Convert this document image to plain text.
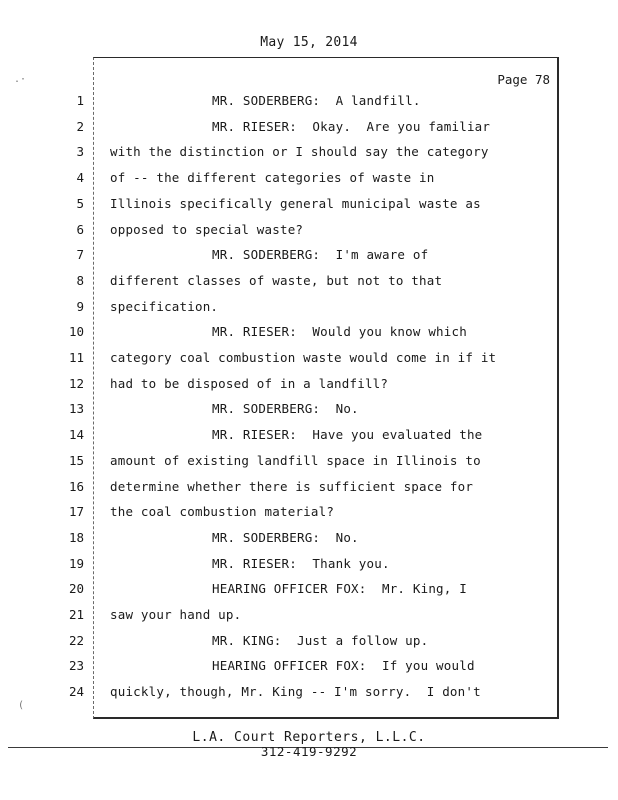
May 15, 2014
Page 78
1	MR. SODERBERG:  A landfill.
2	MR. RIESER:  Okay.  Are you familiar
3 with the distinction or I should say the category
4 of -- the different categories of waste in
5 Illinois specifically general municipal waste as
6 opposed to special waste?
7	MR. SODERBERG:  I'm aware of
8 different classes of waste, but not to that
9 specification.
10	MR. RIESER:  Would you know which
11 category coal combustion waste would come in if it
12 had to be disposed of in a landfill?
13	MR. SODERBERG:  No.
14	MR. RIESER:  Have you evaluated the
15 amount of existing landfill space in Illinois to
16 determine whether there is sufficient space for
17 the coal combustion material?
18	MR. SODERBERG:  No.
19	MR. RIESER:  Thank you.
20	HEARING OFFICER FOX:  Mr. King, I
21 saw your hand up.
22	MR. KING:  Just a follow up.
23	HEARING OFFICER FOX:  If you would
24 quickly, though, Mr. King -- I'm sorry.  I don't
L.A. Court Reporters, L.L.C.
312-419-9292
.·
(
